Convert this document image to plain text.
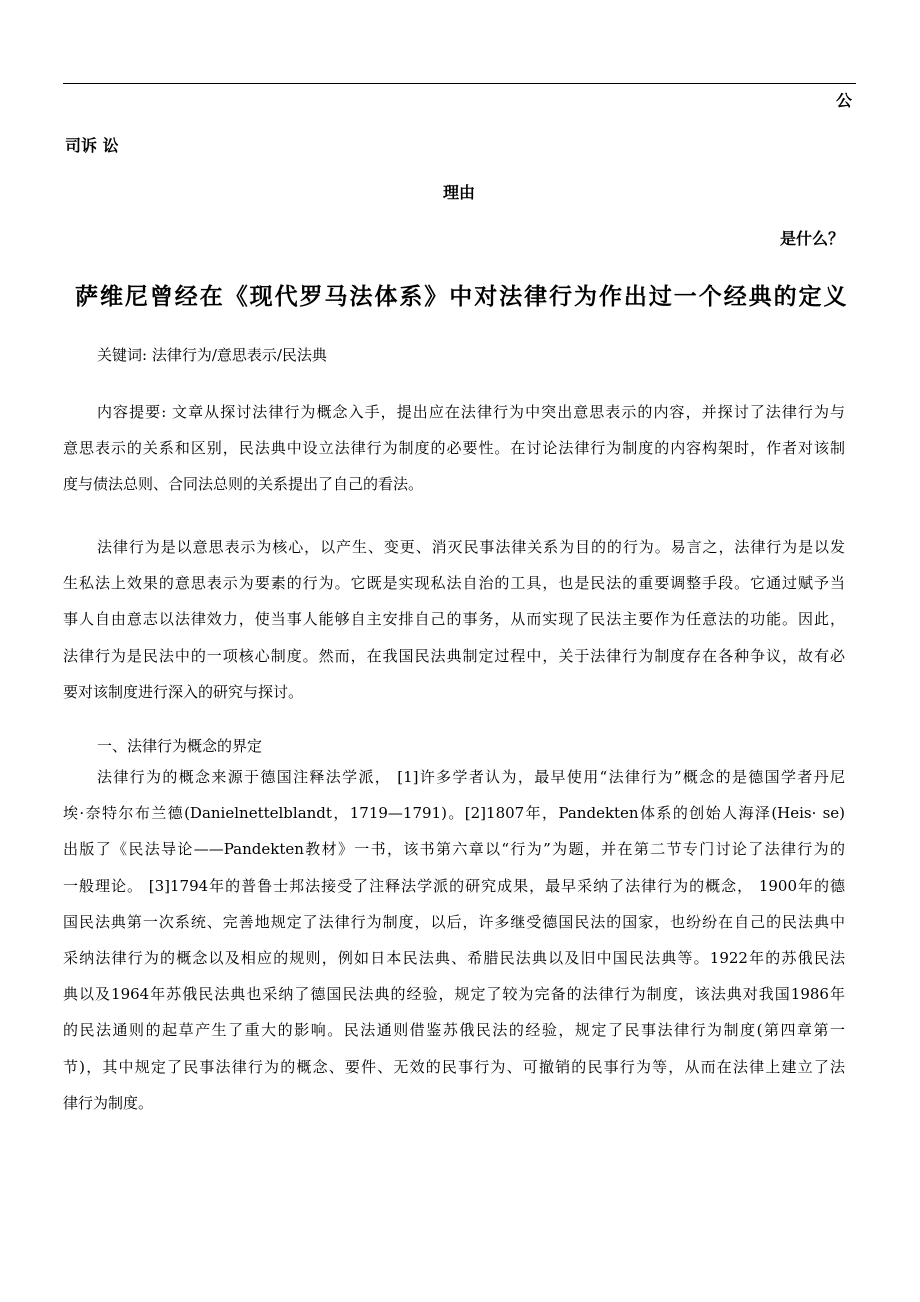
公
司诉 讼
理由
是什么？
萨维尼曾经在《现代罗马法体系》中对法律行为作出过一个经典的定义
关键词: 法律行为/意思表示/民法典
内容提要: 文章从探讨法律行为概念入手，提出应在法律行为中突出意思表示的内容，并探讨了法律行为与
意思表示的关系和区别，民法典中设立法律行为制度的必要性。在讨论法律行为制度的内容构架时，作者对该制
度与债法总则、合同法总则的关系提出了自己的看法。
法律行为是以意思表示为核心，以产生、变更、消灭民事法律关系为目的的行为。易言之，法律行为是以发
生私法上效果的意思表示为要素的行为。它既是实现私法自治的工具，也是民法的重要调整手段。它通过赋予当
事人自由意志以法律效力，使当事人能够自主安排自己的事务，从而实现了民法主要作为任意法的功能。因此，
法律行为是民法中的一项核心制度。然而，在我国民法典制定过程中，关于法律行为制度存在各种争议，故有必
要对该制度进行深入的研究与探讨。
一、法律行为概念的界定
法律行为的概念来源于德国注释法学派， [1]许多学者认为，最早使用“法律行为”概念的是德国学者丹尼
埃·奈特尔布兰德(Danielnettelblandt，1719—1791)。[2]1807年，Pandekten体系的创始人海泽(Heis· se)
出版了《民法导论——Pandekten教材》一书，该书第六章以“行为”为题，并在第二节专门讨论了法律行为的
一般理论。 [3]1794年的普鲁士邦法接受了注释法学派的研究成果，最早采纳了法律行为的概念， 1900年的德
国民法典第一次系统、完善地规定了法律行为制度，以后，许多继受德国民法的国家，也纷纷在自己的民法典中
采纳法律行为的概念以及相应的规则，例如日本民法典、希腊民法典以及旧中国民法典等。1922年的苏俄民法
典以及1964年苏俄民法典也采纳了德国民法典的经验，规定了较为完备的法律行为制度，该法典对我国1986年
的民法通则的起草产生了重大的影响。民法通则借鉴苏俄民法的经验，规定了民事法律行为制度(第四章第一
节)，其中规定了民事法律行为的概念、要件、无效的民事行为、可撤销的民事行为等，从而在法律上建立了法
律行为制度。
